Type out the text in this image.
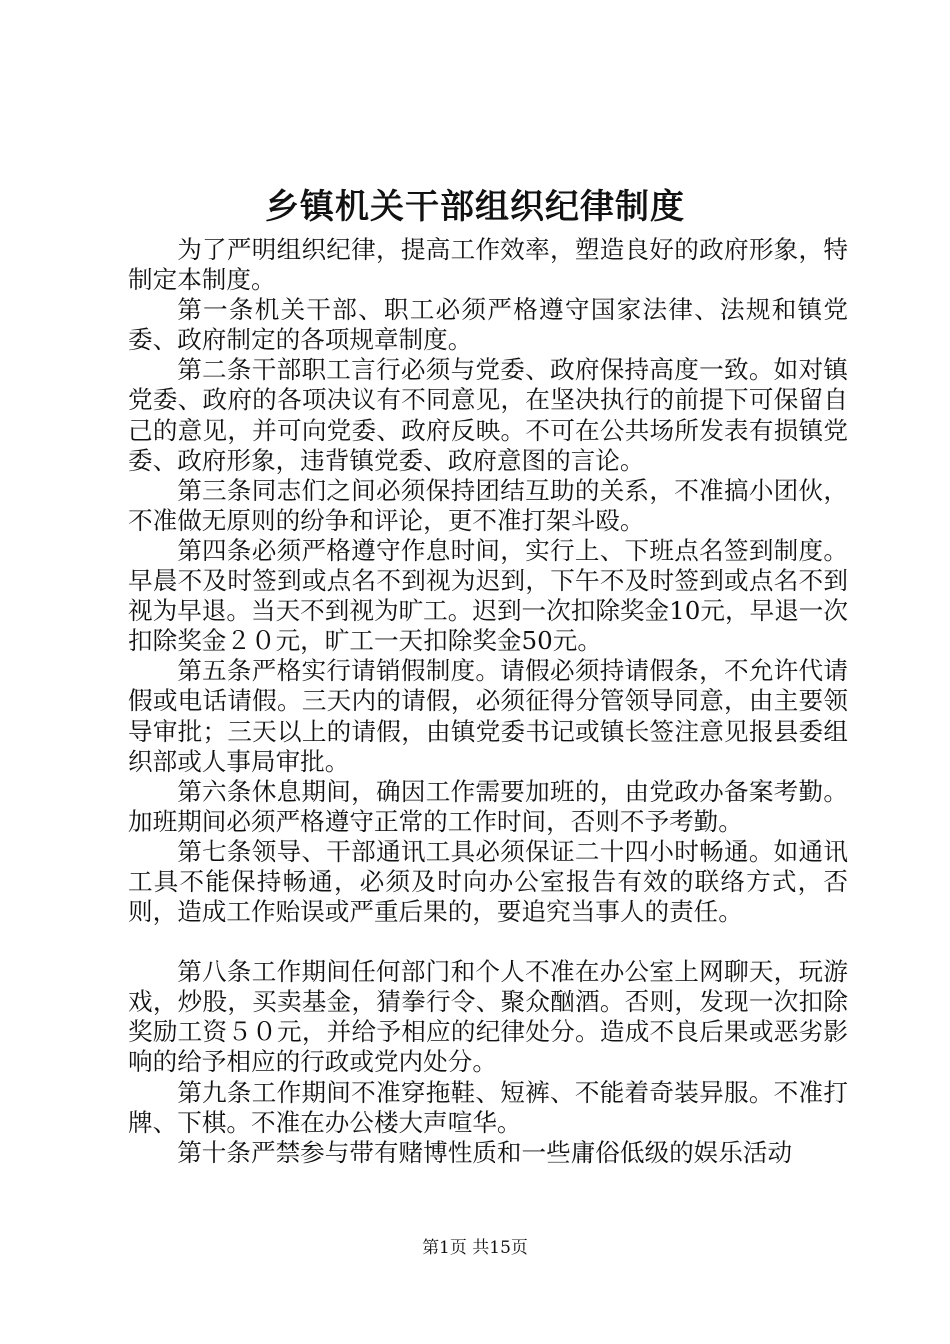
乡镇机关干部组织纪律制度

为了严明组织纪律，提高工作效率，塑造良好的政府形象，特制定本制度。

第一条机关干部、职工必须严格遵守国家法律、法规和镇党委、政府制定的各项规章制度。

第二条干部职工言行必须与党委、政府保持高度一致。如对镇党委、政府的各项决议有不同意见，在坚决执行的前提下可保留自己的意见，并可向党委、政府反映。不可在公共场所发表有损镇党委、政府形象，违背镇党委、政府意图的言论。

第三条同志们之间必须保持团结互助的关系，不准搞小团伙，不准做无原则的纷争和评论，更不准打架斗殴。

第四条必须严格遵守作息时间，实行上、下班点名签到制度。早晨不及时签到或点名不到视为迟到，下午不及时签到或点名不到视为早退。当天不到视为旷工。迟到一次扣除奖金10元，早退一次扣除奖金２０元，旷工一天扣除奖金50元。

第五条严格实行请销假制度。请假必须持请假条，不允许代请假或电话请假。三天内的请假，必须征得分管领导同意，由主要领导审批；三天以上的请假，由镇党委书记或镇长签注意见报县委组织部或人事局审批。

第六条休息期间，确因工作需要加班的，由党政办备案考勤。加班期间必须严格遵守正常的工作时间，否则不予考勤。

第七条领导、干部通讯工具必须保证二十四小时畅通。如通讯工具不能保持畅通，必须及时向办公室报告有效的联络方式，否则，造成工作贻误或严重后果的，要追究当事人的责任。

第八条工作期间任何部门和个人不准在办公室上网聊天，玩游戏，炒股，买卖基金，猜拳行令、聚众酗酒。否则，发现一次扣除奖励工资５０元，并给予相应的纪律处分。造成不良后果或恶劣影响的给予相应的行政或党内处分。

第九条工作期间不准穿拖鞋、短裤、不能着奇装异服。不准打牌、下棋。不准在办公楼大声喧华。

第十条严禁参与带有赌博性质和一些庸俗低级的娱乐活动

第1页 共15页
